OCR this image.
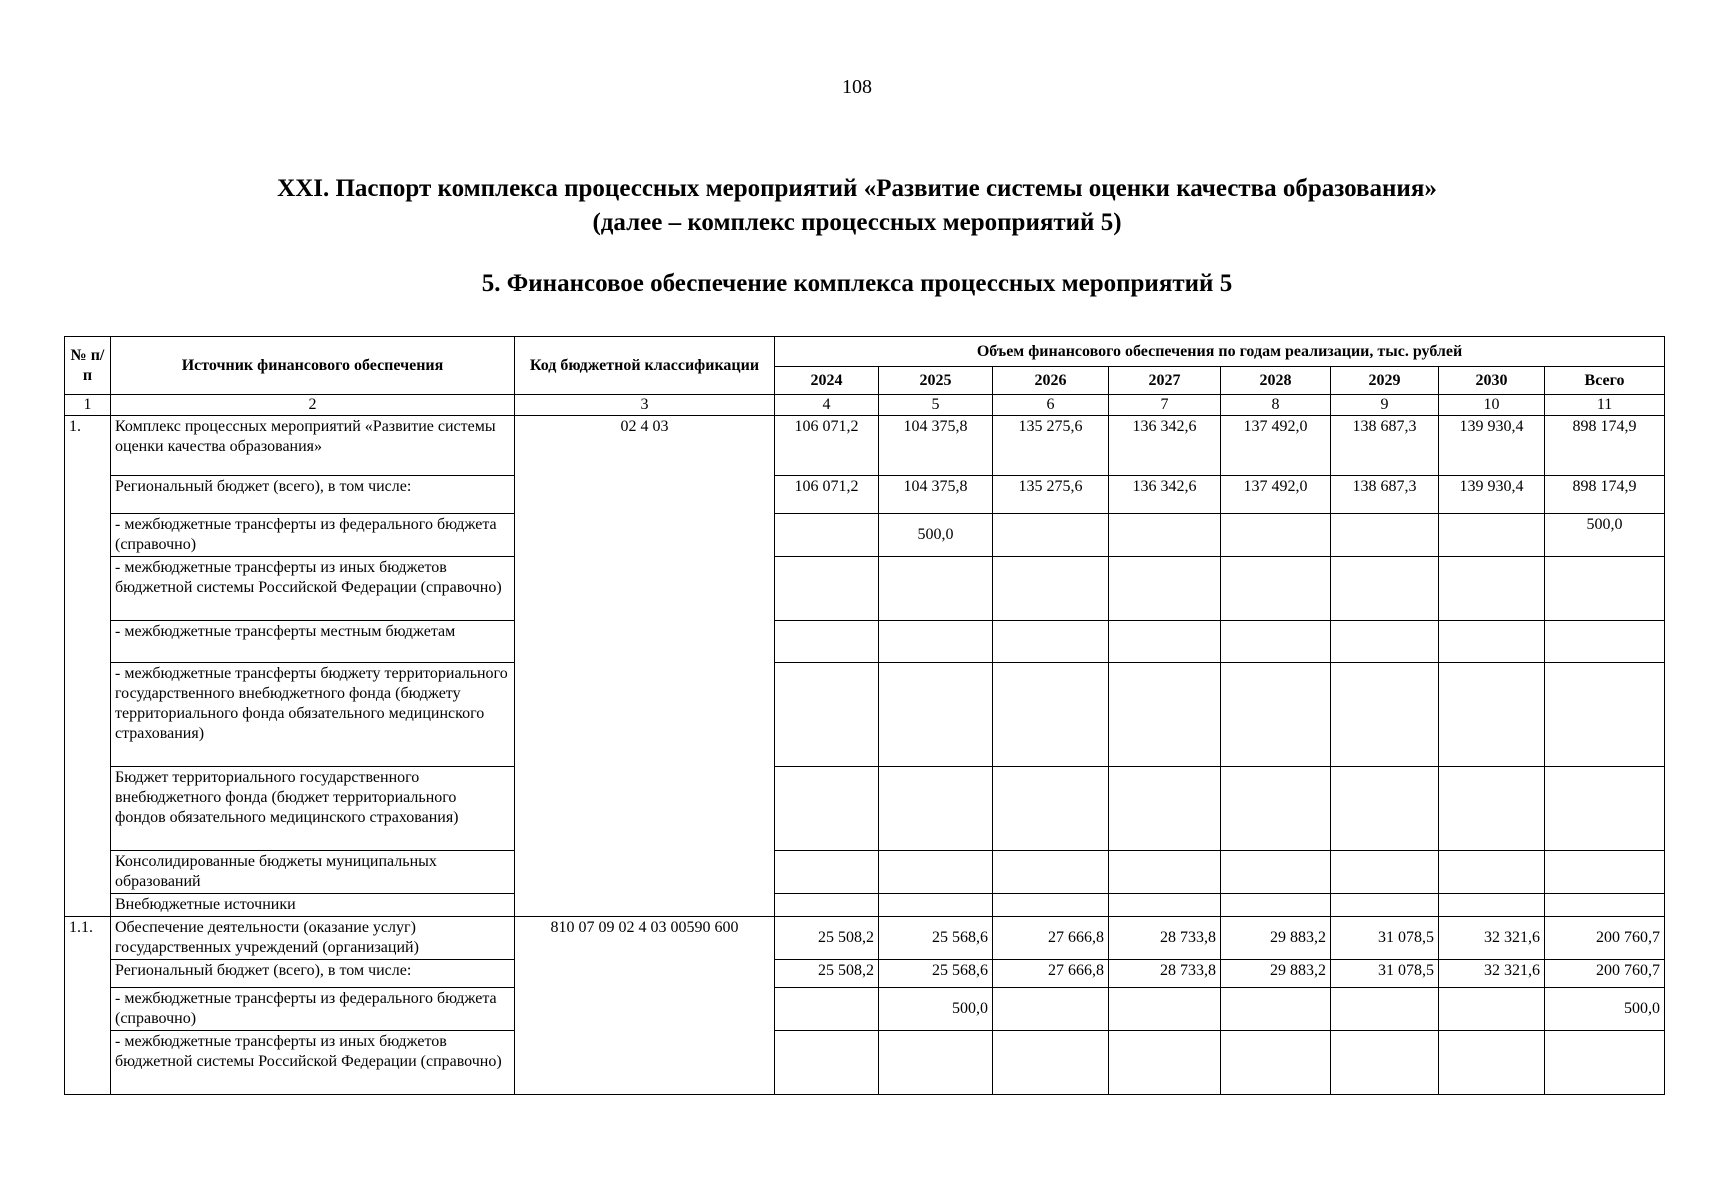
108
XXI. Паспорт комплекса процессных мероприятий «Развитие системы оценки качества образования»
(далее – комплекс процессных мероприятий 5)
5. Финансовое обеспечение комплекса процессных мероприятий 5
№ п/п	Источник финансового обеспечения	Код бюджетной классификации	Объем финансового обеспечения по годам реализации, тыс. рублей							
			2024	2025	2026	2027	2028	2029	2030	Всего
1	2	3	4	5	6	7	8	9	10	11
1.	Комплекс процессных мероприятий «Развитие системы оценки качества образования»	02 4 03	106 071,2	104 375,8	135 275,6	136 342,6	137 492,0	138 687,3	139 930,4	898 174,9
	Региональный бюджет (всего), в том числе:		106 071,2	104 375,8	135 275,6	136 342,6	137 492,0	138 687,3	139 930,4	898 174,9
	- межбюджетные трансферты из федерального бюджета (справочно)			500,0						500,0
	- межбюджетные трансферты из иных бюджетов бюджетной системы Российской Федерации (справочно)									
	- межбюджетные трансферты местным бюджетам									
	- межбюджетные трансферты бюджету территориального государственного внебюджетного фонда (бюджету территориального фонда обязательного медицинского страхования)									
	Бюджет территориального государственного внебюджетного фонда (бюджет территориального фондов обязательного медицинского страхования)									
	Консолидированные бюджеты муниципальных образований									
	Внебюджетные источники									
1.1.	Обеспечение деятельности (оказание услуг) государственных учреждений (организаций)	810 07 09 02 4 03 00590 600	25 508,2	25 568,6	27 666,8	28 733,8	29 883,2	31 078,5	32 321,6	200 760,7
	Региональный бюджет (всего), в том числе:		25 508,2	25 568,6	27 666,8	28 733,8	29 883,2	31 078,5	32 321,6	200 760,7
	- межбюджетные трансферты из федерального бюджета (справочно)			500,0						500,0
	- межбюджетные трансферты из иных бюджетов бюджетной системы Российской Федерации (справочно)									
